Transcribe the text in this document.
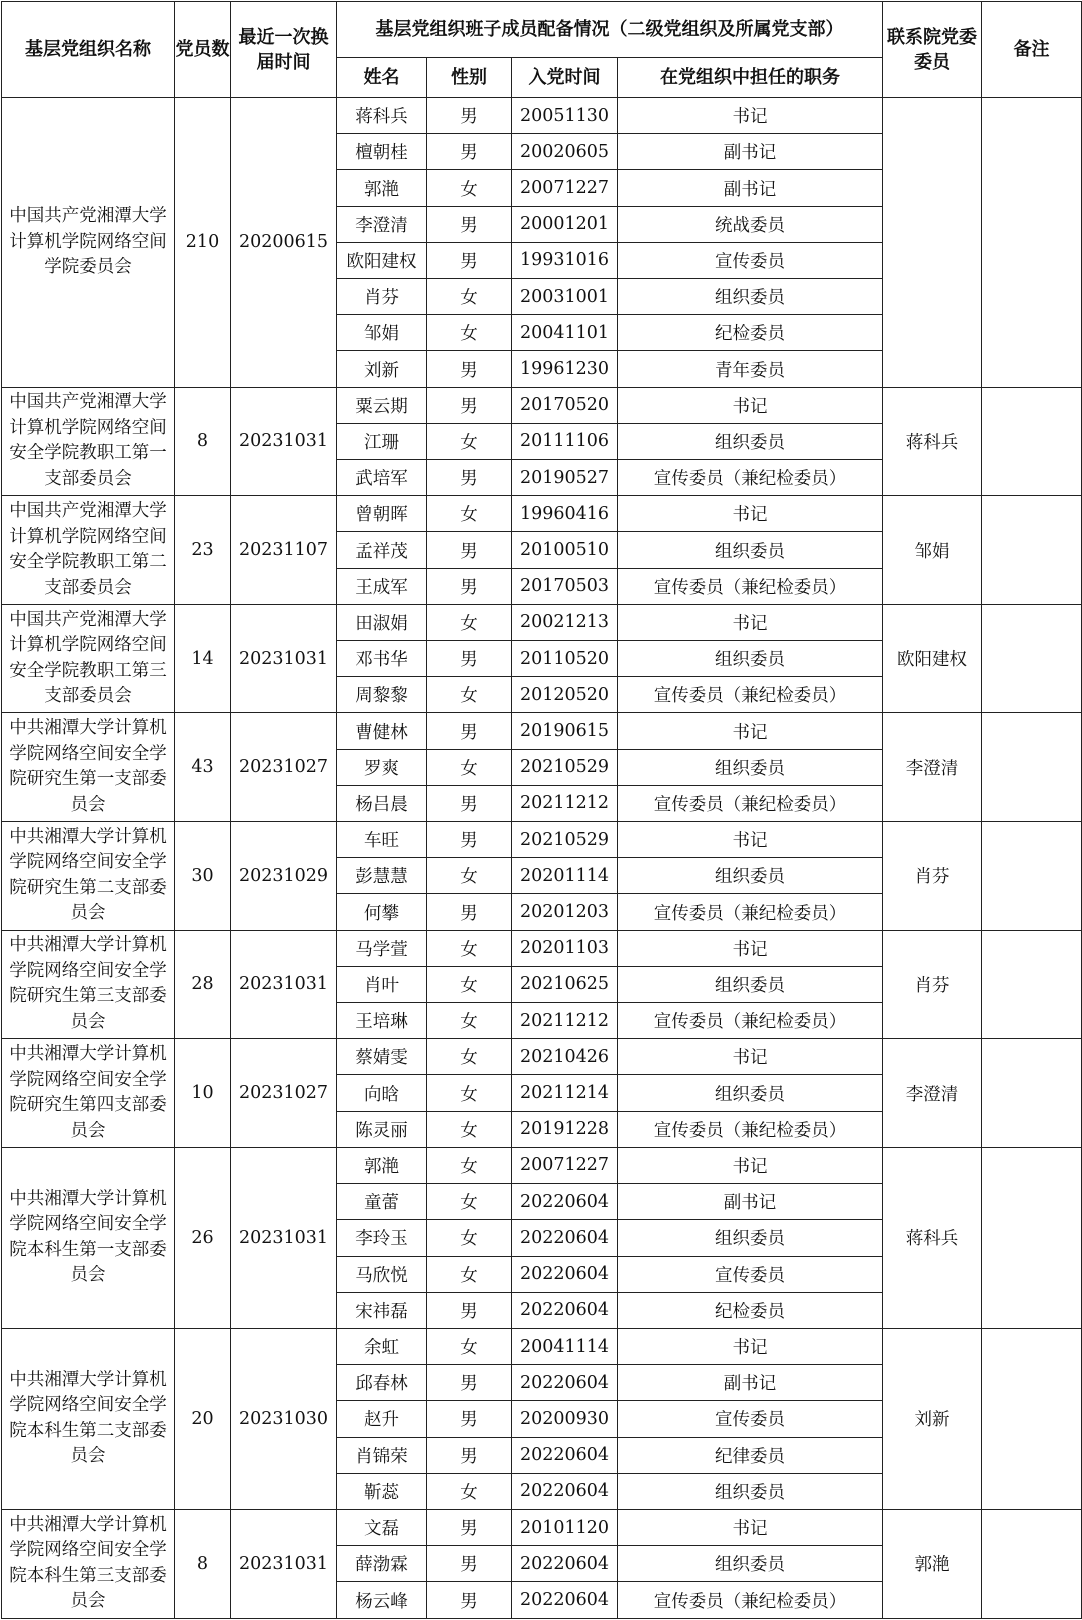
基层党组织名称	党员数	最近一次换届时间	基层党组织班子成员配备情况（二级党组织及所属党支部）				联系院党委委员	备注
			姓名	性别	入党时间	在党组织中担任的职务		
中国共产党湘潭大学计算机学院网络空间学院委员会	210	20200615	蒋科兵	男	20051130	书记		
			檀朝桂	男	20020605	副书记		
			郭滟	女	20071227	副书记		
			李澄清	男	20001201	统战委员		
			欧阳建权	男	19931016	宣传委员		
			肖芬	女	20031001	组织委员		
			邹娟	女	20041101	纪检委员		
			刘新	男	19961230	青年委员		
中国共产党湘潭大学计算机学院网络空间安全学院教职工第一支部委员会	8	20231031	粟云期	男	20170520	书记	蒋科兵	
			江珊	女	20111106	组织委员		
			武培军	男	20190527	宣传委员（兼纪检委员）		
中国共产党湘潭大学计算机学院网络空间安全学院教职工第二支部委员会	23	20231107	曾朝晖	女	19960416	书记	邹娟	
			孟祥茂	男	20100510	组织委员		
			王成军	男	20170503	宣传委员（兼纪检委员）		
中国共产党湘潭大学计算机学院网络空间安全学院教职工第三支部委员会	14	20231031	田淑娟	女	20021213	书记	欧阳建权	
			邓书华	男	20110520	组织委员		
			周黎黎	女	20120520	宣传委员（兼纪检委员）		
中共湘潭大学计算机学院网络空间安全学院研究生第一支部委员会	43	20231027	曹健林	男	20190615	书记	李澄清	
			罗爽	女	20210529	组织委员		
			杨吕晨	男	20211212	宣传委员（兼纪检委员）		
中共湘潭大学计算机学院网络空间安全学院研究生第二支部委员会	30	20231029	车旺	男	20210529	书记	肖芬	
			彭慧慧	女	20201114	组织委员		
			何攀	男	20201203	宣传委员（兼纪检委员）		
中共湘潭大学计算机学院网络空间安全学院研究生第三支部委员会	28	20231031	马学萱	女	20201103	书记	肖芬	
			肖叶	女	20210625	组织委员		
			王培琳	女	20211212	宣传委员（兼纪检委员）		
中共湘潭大学计算机学院网络空间安全学院研究生第四支部委员会	10	20231027	蔡婧雯	女	20210426	书记	李澄清	
			向晗	女	20211214	组织委员		
			陈灵丽	女	20191228	宣传委员（兼纪检委员）		
中共湘潭大学计算机学院网络空间安全学院本科生第一支部委员会	26	20231031	郭滟	女	20071227	书记	蒋科兵	
			童蕾	女	20220604	副书记		
			李玲玉	女	20220604	组织委员		
			马欣悦	女	20220604	宣传委员		
			宋祎磊	男	20220604	纪检委员		
中共湘潭大学计算机学院网络空间安全学院本科生第二支部委员会	20	20231030	余虹	女	20041114	书记	刘新	
			邱春林	男	20220604	副书记		
			赵升	男	20200930	宣传委员		
			肖锦荣	男	20220604	纪律委员		
			靳蕊	女	20220604	组织委员		
中共湘潭大学计算机学院网络空间安全学院本科生第三支部委员会	8	20231031	文磊	男	20101120	书记	郭滟	
			薛渤霖	男	20220604	组织委员		
			杨云峰	男	20220604	宣传委员（兼纪检委员）		
